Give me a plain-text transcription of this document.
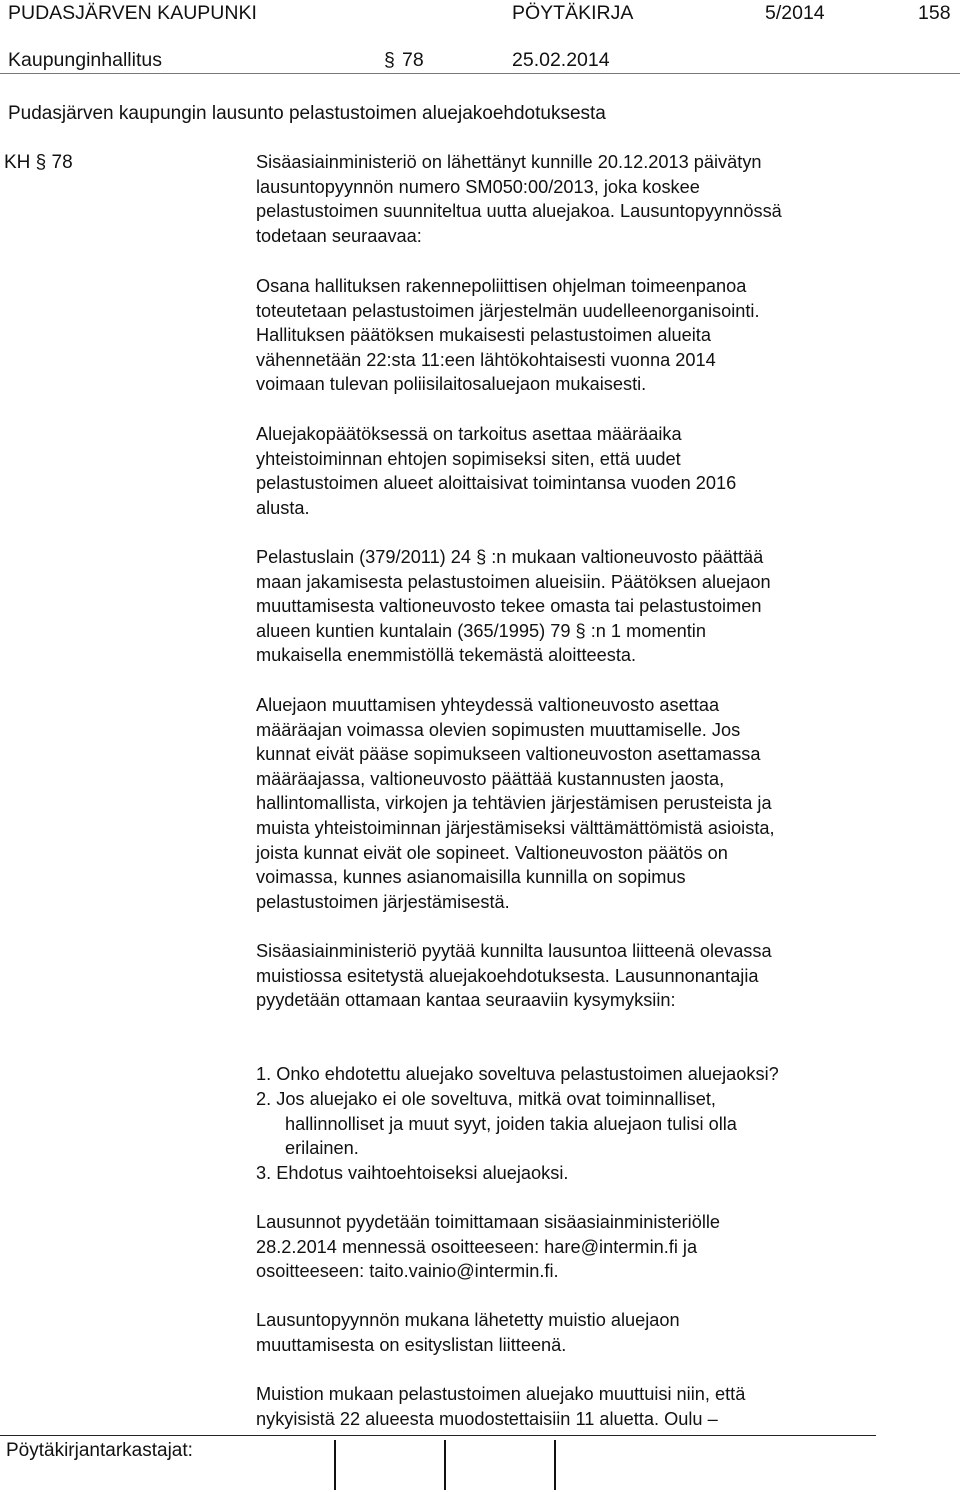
PUDASJÄRVEN KAUPUNKI	PÖYTÄKIRJA	5/2014	158
Kaupunginhallitus	§ 78	25.02.2014
Pudasjärven kaupungin lausunto pelastustoimen aluejakoehdotuksesta
KH § 78	Sisäasiainministeriö on lähettänyt kunnille 20.12.2013 päivätyn
lausuntopyynnön numero SM050:00/2013, joka koskee
pelastustoimen suunniteltua uutta aluejakoa. Lausuntopyynnössä
todetaan seuraavaa:
Osana hallituksen rakennepoliittisen ohjelman toimeenpanoa
toteutetaan pelastustoimen järjestelmän uudelleenorganisointi.
Hallituksen päätöksen mukaisesti pelastustoimen alueita
vähennetään 22:sta 11:een lähtökohtaisesti vuonna 2014
voimaan tulevan poliisilaitosaluejaon mukaisesti.
Aluejakopäätöksessä on tarkoitus asettaa määräaika
yhteistoiminnan ehtojen sopimiseksi siten, että uudet
pelastustoimen alueet aloittaisivat toimintansa vuoden 2016
alusta.
Pelastuslain (379/2011) 24 § :n mukaan valtioneuvosto päättää
maan jakamisesta pelastustoimen alueisiin. Päätöksen aluejaon
muuttamisesta valtioneuvosto tekee omasta tai pelastustoimen
alueen kuntien kuntalain (365/1995) 79 § :n 1 momentin
mukaisella enemmistöllä tekemästä aloitteesta.
Aluejaon muuttamisen yhteydessä valtioneuvosto asettaa
määräajan voimassa olevien sopimusten muuttamiselle. Jos
kunnat eivät pääse sopimukseen valtioneuvoston asettamassa
määräajassa, valtioneuvosto päättää kustannusten jaosta,
hallintomallista, virkojen ja tehtävien järjestämisen perusteista ja
muista yhteistoiminnan järjestämiseksi välttämättömistä asioista,
joista kunnat eivät ole sopineet. Valtioneuvoston päätös on
voimassa, kunnes asianomaisilla kunnilla on sopimus
pelastustoimen järjestämisestä.
Sisäasiainministeriö pyytää kunnilta lausuntoa liitteenä olevassa
muistiossa esitetystä aluejakoehdotuksesta. Lausunnonantajia
pyydetään ottamaan kantaa seuraaviin kysymyksiin:
1. Onko ehdotettu aluejako soveltuva pelastustoimen aluejaoksi?
2. Jos aluejako ei ole soveltuva, mitkä ovat toiminnalliset,
hallinnolliset ja muut syyt, joiden takia aluejaon tulisi olla
erilainen.
3. Ehdotus vaihtoehtoiseksi aluejaoksi.
Lausunnot pyydetään toimittamaan sisäasiainministeriölle
28.2.2014 mennessä osoitteeseen: hare@intermin.fi ja
osoitteeseen: taito.vainio@intermin.fi.
Lausuntopyynnön mukana lähetetty muistio aluejaon
muuttamisesta on esityslistan liitteenä.
Muistion mukaan pelastustoimen aluejako muuttuisi niin, että
nykyisistä 22 alueesta muodostettaisiin 11 aluetta. Oulu –
Pöytäkirjantarkastajat:
